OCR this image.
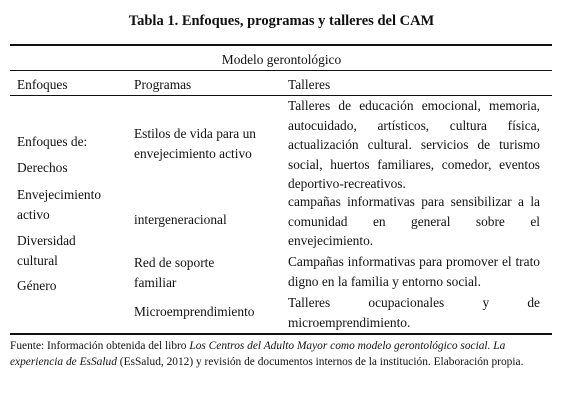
Tabla 1. Enfoques, programas y talleres del CAM
Modelo gerontológico
Enfoques	Programas	Talleres
Enfoques de:
Derechos
Envejecimiento activo
Diversidad cultural
Género
Estilos de vida para un envejecimiento activo
intergeneracional
Red de soporte familiar
Microemprendimiento
Talleres de educación emocional, memoria, autocuidado, artísticos, cultura física, actualización cultural. servicios de turismo social, huertos familiares, comedor, eventos deportivo-recreativos.
campañas informativas para sensibilizar a la comunidad en general sobre el envejecimiento.
Campañas informativas para promover el trato digno en la familia y entorno social.
Talleres ocupacionales y de microemprendimiento.
Fuente: Información obtenida del libro Los Centros del Adulto Mayor como modelo gerontológico social. La experiencia de EsSalud (EsSalud, 2012) y revisión de documentos internos de la institución. Elaboración propia.
